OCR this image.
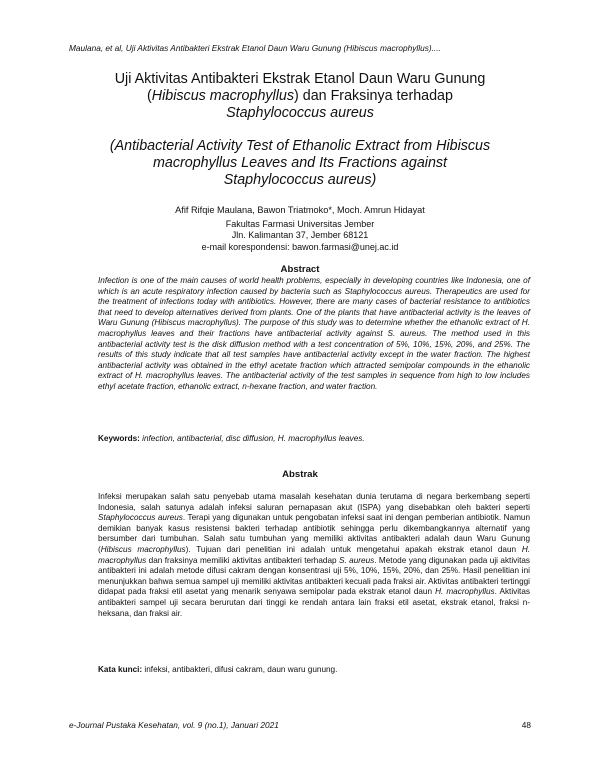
Maulana, et al, Uji Aktivitas Antibakteri Ekstrak Etanol Daun Waru Gunung (Hibiscus macrophyllus)....
Uji Aktivitas Antibakteri Ekstrak Etanol Daun Waru Gunung
(Hibiscus macrophyllus) dan Fraksinya terhadap
Staphylococcus aureus
(Antibacterial Activity Test of Ethanolic Extract from Hibiscus
macrophyllus Leaves and Its Fractions against
Staphylococcus aureus)
Afif Rifqie Maulana, Bawon Triatmoko*, Moch. Amrun Hidayat
Fakultas Farmasi Universitas Jember
Jln. Kalimantan 37, Jember 68121
e-mail korespondensi: bawon.farmasi@unej.ac.id
Abstract
Infection is one of the main causes of world health problems, especially in developing countries like Indonesia, one of which is an acute respiratory infection caused by bacteria such as Staphylococcus aureus. Therapeutics are used for the treatment of infections today with antibiotics. However, there are many cases of bacterial resistance to antibiotics that need to develop alternatives derived from plants. One of the plants that have antibacterial activity is the leaves of Waru Gunung (Hibiscus macrophyllus). The purpose of this study was to determine whether the ethanolic extract of H. macrophyllus leaves and their fractions have antibacterial activity against S. aureus. The method used in this antibacterial activity test is the disk diffusion method with a test concentration of 5%, 10%, 15%, 20%, and 25%. The results of this study indicate that all test samples have antibacterial activity except in the water fraction. The highest antibacterial activity was obtained in the ethyl acetate fraction which attracted semipolar compounds in the ethanolic extract of H. macrophyllus leaves. The antibacterial activity of the test samples in sequence from high to low includes ethyl acetate fraction, ethanolic extract, n-hexane fraction, and water fraction.
Keywords: infection, antibacterial, disc diffusion, H. macrophyllus leaves.
Abstrak
Infeksi merupakan salah satu penyebab utama masalah kesehatan dunia terutama di negara berkembang seperti Indonesia, salah satunya adalah infeksi saluran pernapasan akut (ISPA) yang disebabkan oleh bakteri seperti Staphylococcus aureus. Terapi yang digunakan untuk pengobatan infeksi saat ini dengan pemberian antibiotik. Namun demikian banyak kasus resistensi bakteri terhadap antibiotik sehingga perlu dikembangkannya alternatif yang bersumber dari tumbuhan. Salah satu tumbuhan yang memiliki aktivitas antibakteri adalah daun Waru Gunung (Hibiscus macrophyllus). Tujuan dari penelitian ini adalah untuk mengetahui apakah ekstrak etanol daun H. macrophyllus dan fraksinya memiliki aktivitas antibakteri terhadap S. aureus. Metode yang digunakan pada uji aktivitas antibakteri ini adalah metode difusi cakram dengan konsentrasi uji 5%, 10%, 15%, 20%, dan 25%. Hasil penelitian ini menunjukkan bahwa semua sampel uji memiliki aktivitas antibakteri kecuali pada fraksi air. Aktivitas antibakteri tertinggi didapat pada fraksi etil asetat yang menarik senyawa semipolar pada ekstrak etanol daun H. macrophyllus. Aktivitas antibakteri sampel uji secara berurutan dari tinggi ke rendah antara lain fraksi etil asetat, ekstrak etanol, fraksi n-heksana, dan fraksi air.
Kata kunci: infeksi, antibakteri, difusi cakram, daun waru gunung.
e-Journal Pustaka Kesehatan, vol. 9 (no.1), Januari 2021	48
